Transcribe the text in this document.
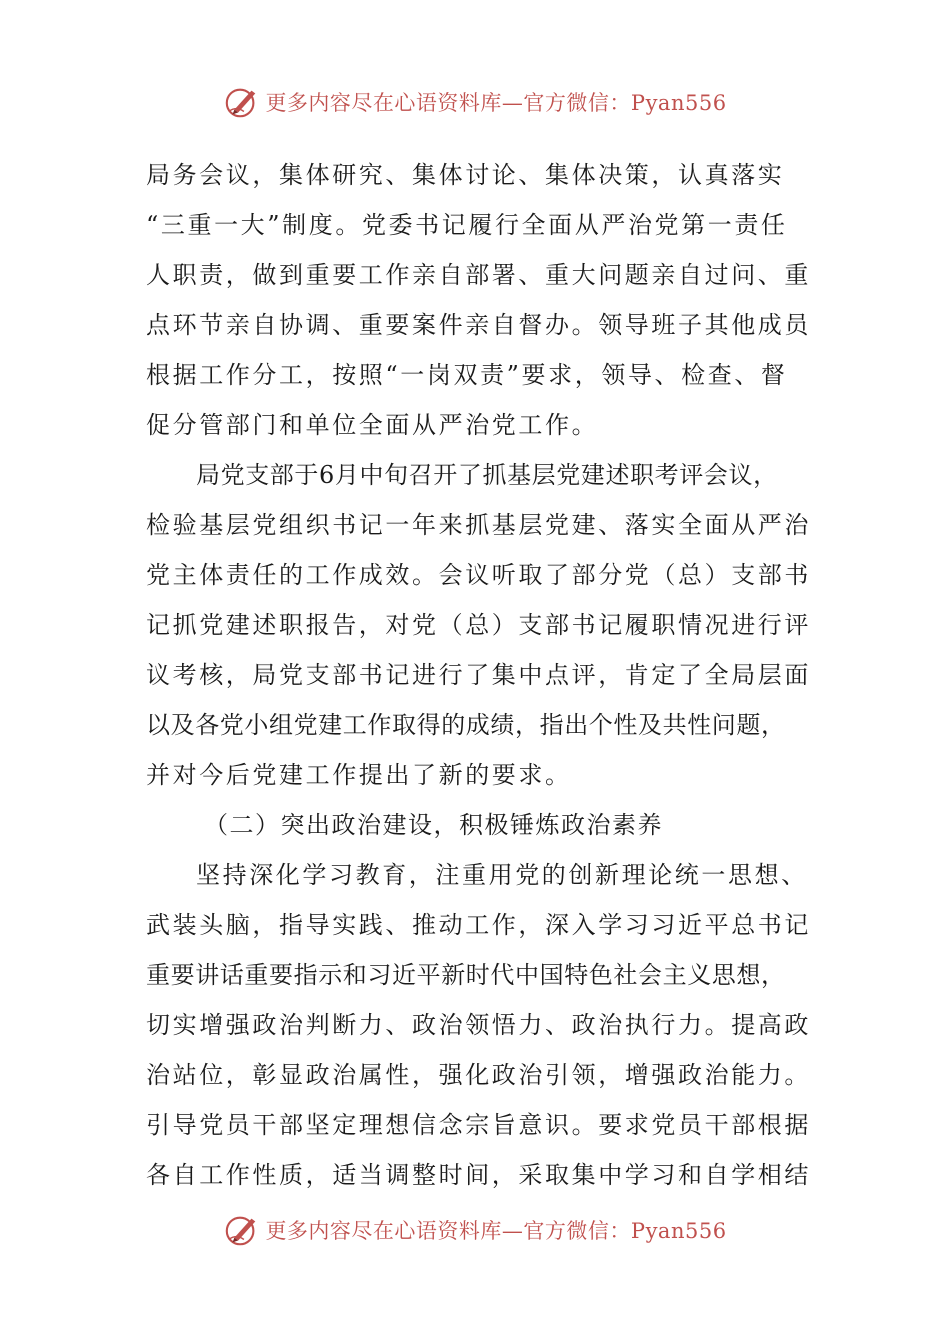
更多内容尽在心语资料库—官方微信：Pyan556
局务会议，集体研究、集体讨论、集体决策，认真落实
“三重一大”制度。党委书记履行全面从严治党第一责任
人职责，做到重要工作亲自部署、重大问题亲自过问、重
点环节亲自协调、重要案件亲自督办。领导班子其他成员
根据工作分工，按照“一岗双责”要求，领导、检查、督
促分管部门和单位全面从严治党工作。
局党支部于6月中旬召开了抓基层党建述职考评会议，
检验基层党组织书记一年来抓基层党建、落实全面从严治
党主体责任的工作成效。会议听取了部分党（总）支部书
记抓党建述职报告，对党（总）支部书记履职情况进行评
议考核，局党支部书记进行了集中点评，肯定了全局层面
以及各党小组党建工作取得的成绩，指出个性及共性问题，
并对今后党建工作提出了新的要求。
（二）突出政治建设，积极锤炼政治素养
坚持深化学习教育，注重用党的创新理论统一思想、
武装头脑，指导实践、推动工作，深入学习习近平总书记
重要讲话重要指示和习近平新时代中国特色社会主义思想，
切实增强政治判断力、政治领悟力、政治执行力。提高政
治站位，彰显政治属性，强化政治引领，增强政治能力。
引导党员干部坚定理想信念宗旨意识。要求党员干部根据
各自工作性质，适当调整时间，采取集中学习和自学相结
更多内容尽在心语资料库—官方微信：Pyan556
